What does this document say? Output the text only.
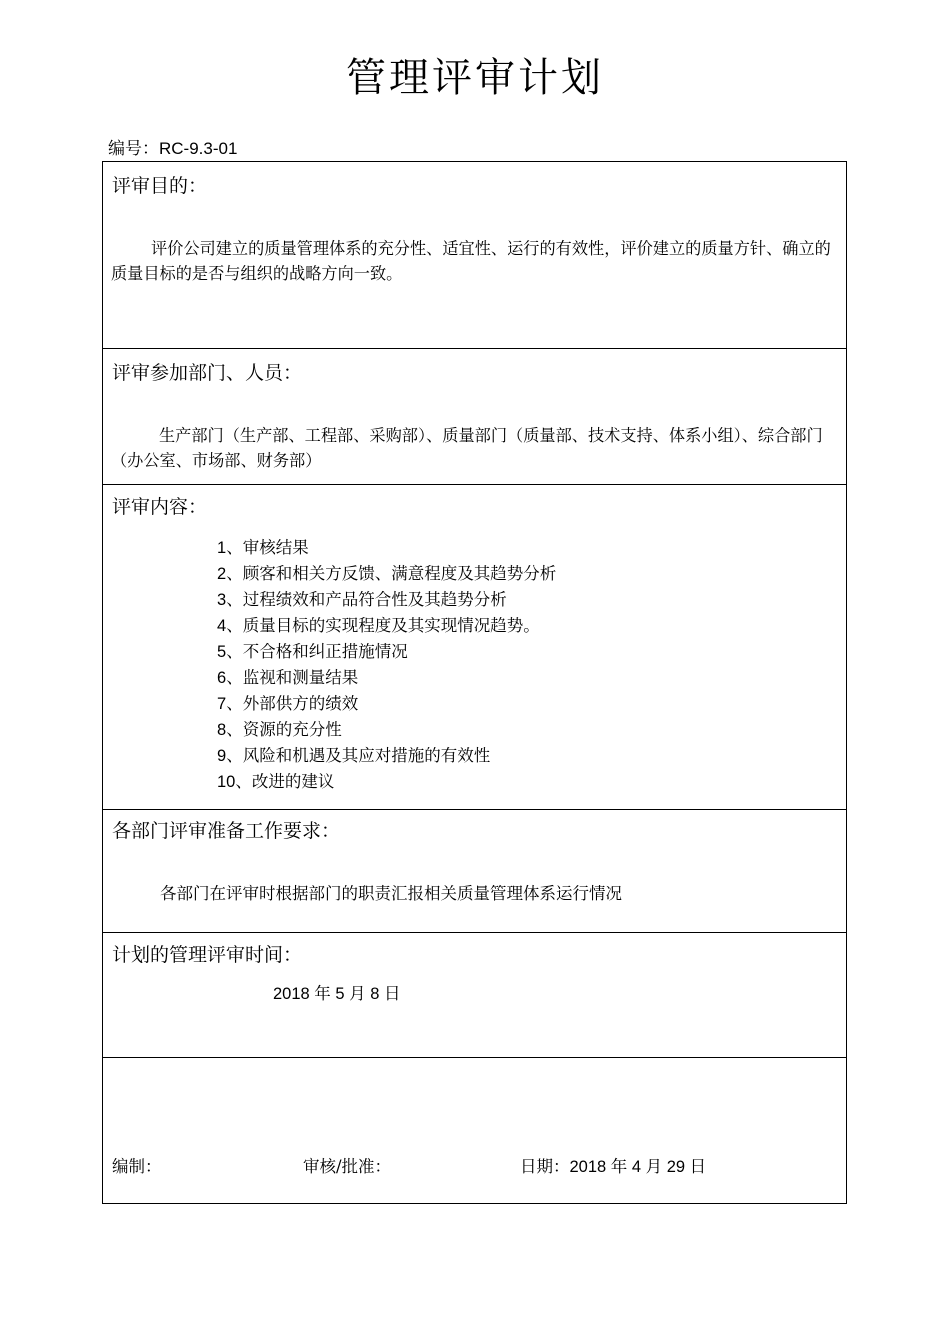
管理评审计划
编号：RC-9.3-01
评审目的：
评价公司建立的质量管理体系的充分性、适宜性、运行的有效性，评价建立的质量方针、确立的质量目标的是否与组织的战略方向一致。
评审参加部门、人员：
生产部门（生产部、工程部、采购部）、质量部门（质量部、技术支持、体系小组）、综合部门（办公室、市场部、财务部）
评审内容：
1、审核结果
2、顾客和相关方反馈、满意程度及其趋势分析
3、过程绩效和产品符合性及其趋势分析
4、质量目标的实现程度及其实现情况趋势。
5、不合格和纠正措施情况
6、监视和测量结果
7、外部供方的绩效
8、资源的充分性
9、风险和机遇及其应对措施的有效性
10、改进的建议
各部门评审准备工作要求：
各部门在评审时根据部门的职责汇报相关质量管理体系运行情况
计划的管理评审时间：
2018 年 5 月 8 日
编制：	审核/批准：	日期：2018 年 4 月 29 日
